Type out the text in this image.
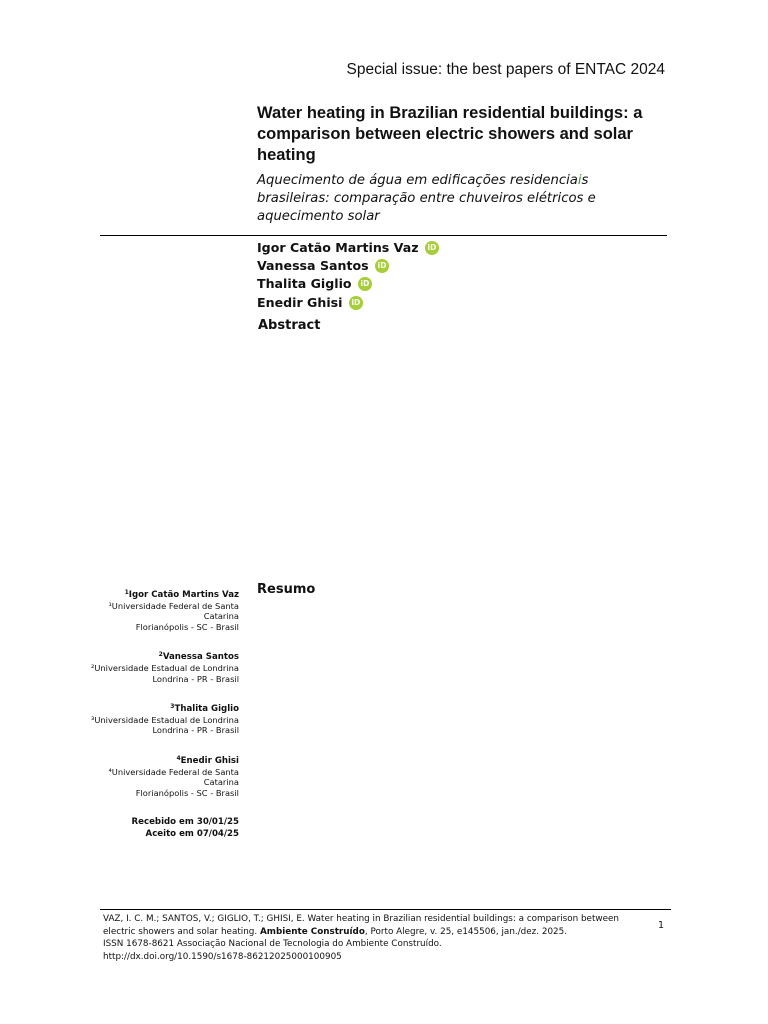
Special issue: the best papers of ENTAC 2024
Water heating in Brazilian residential buildings: a comparison between electric showers and solar heating
Aquecimento de água em edificações residenciais brasileiras: comparação entre chuveiros elétricos e aquecimento solar
Igor Catão Martins Vaz iD
Vanessa Santos iD
Thalita Giglio iD
Enedir Ghisi iD
Abstract
Resumo
$^1$Igor Catão Martins Vaz
¹Universidade Federal de Santa
Catarina
Florianópolis - SC - Brasil
$^2$Vanessa Santos
²Universidade Estadual de Londrina
Londrina - PR - Brasil
$^3$Thalita Giglio
³Universidade Estadual de Londrina
Londrina - PR - Brasil
$^4$Enedir Ghisi
⁴Universidade Federal de Santa
Catarina
Florianópolis - SC - Brasil
Recebido em 30/01/25
Aceito em 07/04/25
VAZ, I. C. M.; SANTOS, V.; GIGLIO, T.; GHISI, E. Water heating in Brazilian residential buildings: a comparison between electric showers and solar heating. Ambiente Construído, Porto Alegre, v. 25, e145506, jan./dez. 2025.
ISSN 1678-8621 Associação Nacional de Tecnologia do Ambiente Construído.
http://dx.doi.org/10.1590/s1678-86212025000100905
1
